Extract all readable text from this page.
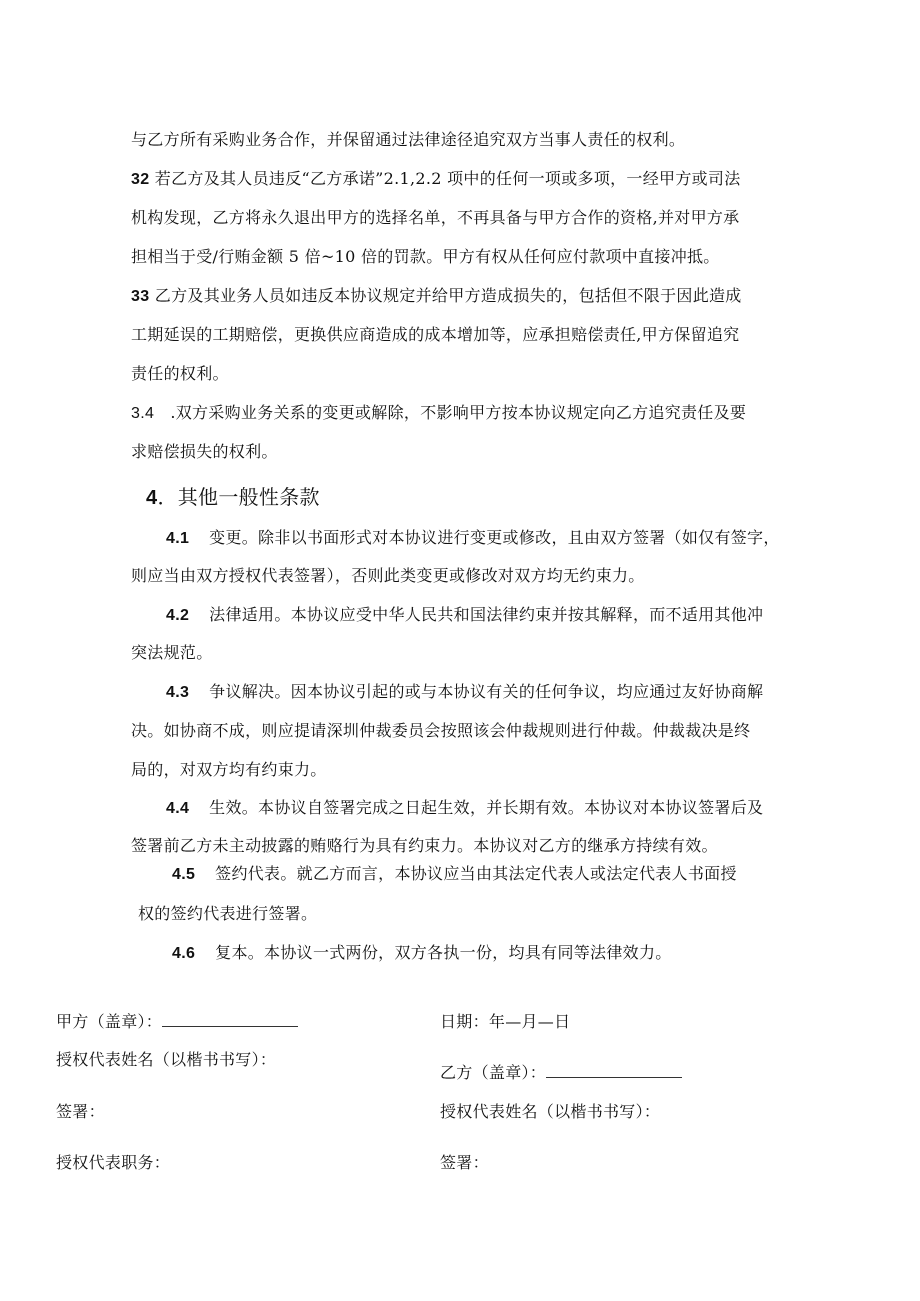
与乙方所有采购业务合作，并保留通过法律途径追究双方当事人责任的权利。
32 若乙方及其人员违反“乙方承诺”2.1,2.2 项中的任何一项或多项，一经甲方或司法
机构发现，乙方将永久退出甲方的选择名单，不再具备与甲方合作的资格,并对甲方承
担相当于受/行贿金额 5 倍~10 倍的罚款。甲方有权从任何应付款项中直接冲抵。
33 乙方及其业务人员如违反本协议规定并给甲方造成损失的，包括但不限于因此造成
工期延误的工期赔偿，更换供应商造成的成本增加等，应承担赔偿责任,甲方保留追究
责任的权利。
3.4   .双方采购业务关系的变更或解除，不影响甲方按本协议规定向乙方追究责任及要
求赔偿损失的权利。
4．其他一般性条款
4.1 变更。除非以书面形式对本协议进行变更或修改，且由双方签署（如仅有签字，
则应当由双方授权代表签署），否则此类变更或修改对双方均无约束力。
4.2 法律适用。本协议应受中华人民共和国法律约束并按其解释，而不适用其他冲
突法规范。
4.3 争议解决。因本协议引起的或与本协议有关的任何争议，均应通过友好协商解
决。如协商不成，则应提请深圳仲裁委员会按照该会仲裁规则进行仲裁。仲裁裁决是终
局的，对双方均有约束力。
4.4 生效。本协议自签署完成之日起生效，并长期有效。本协议对本协议签署后及
签署前乙方未主动披露的贿赂行为具有约束力。本协议对乙方的继承方持续有效。
4.5 签约代表。就乙方而言，本协议应当由其法定代表人或法定代表人书面授
权的签约代表进行签署。
4.6 复本。本协议一式两份，双方各执一份，均具有同等法律效力。
甲方（盖章）：	日期：年—月—日
授权代表姓名（以楷书书写）：
乙方（盖章）：
签署：	授权代表姓名（以楷书书写）：
授权代表职务：	签署：
